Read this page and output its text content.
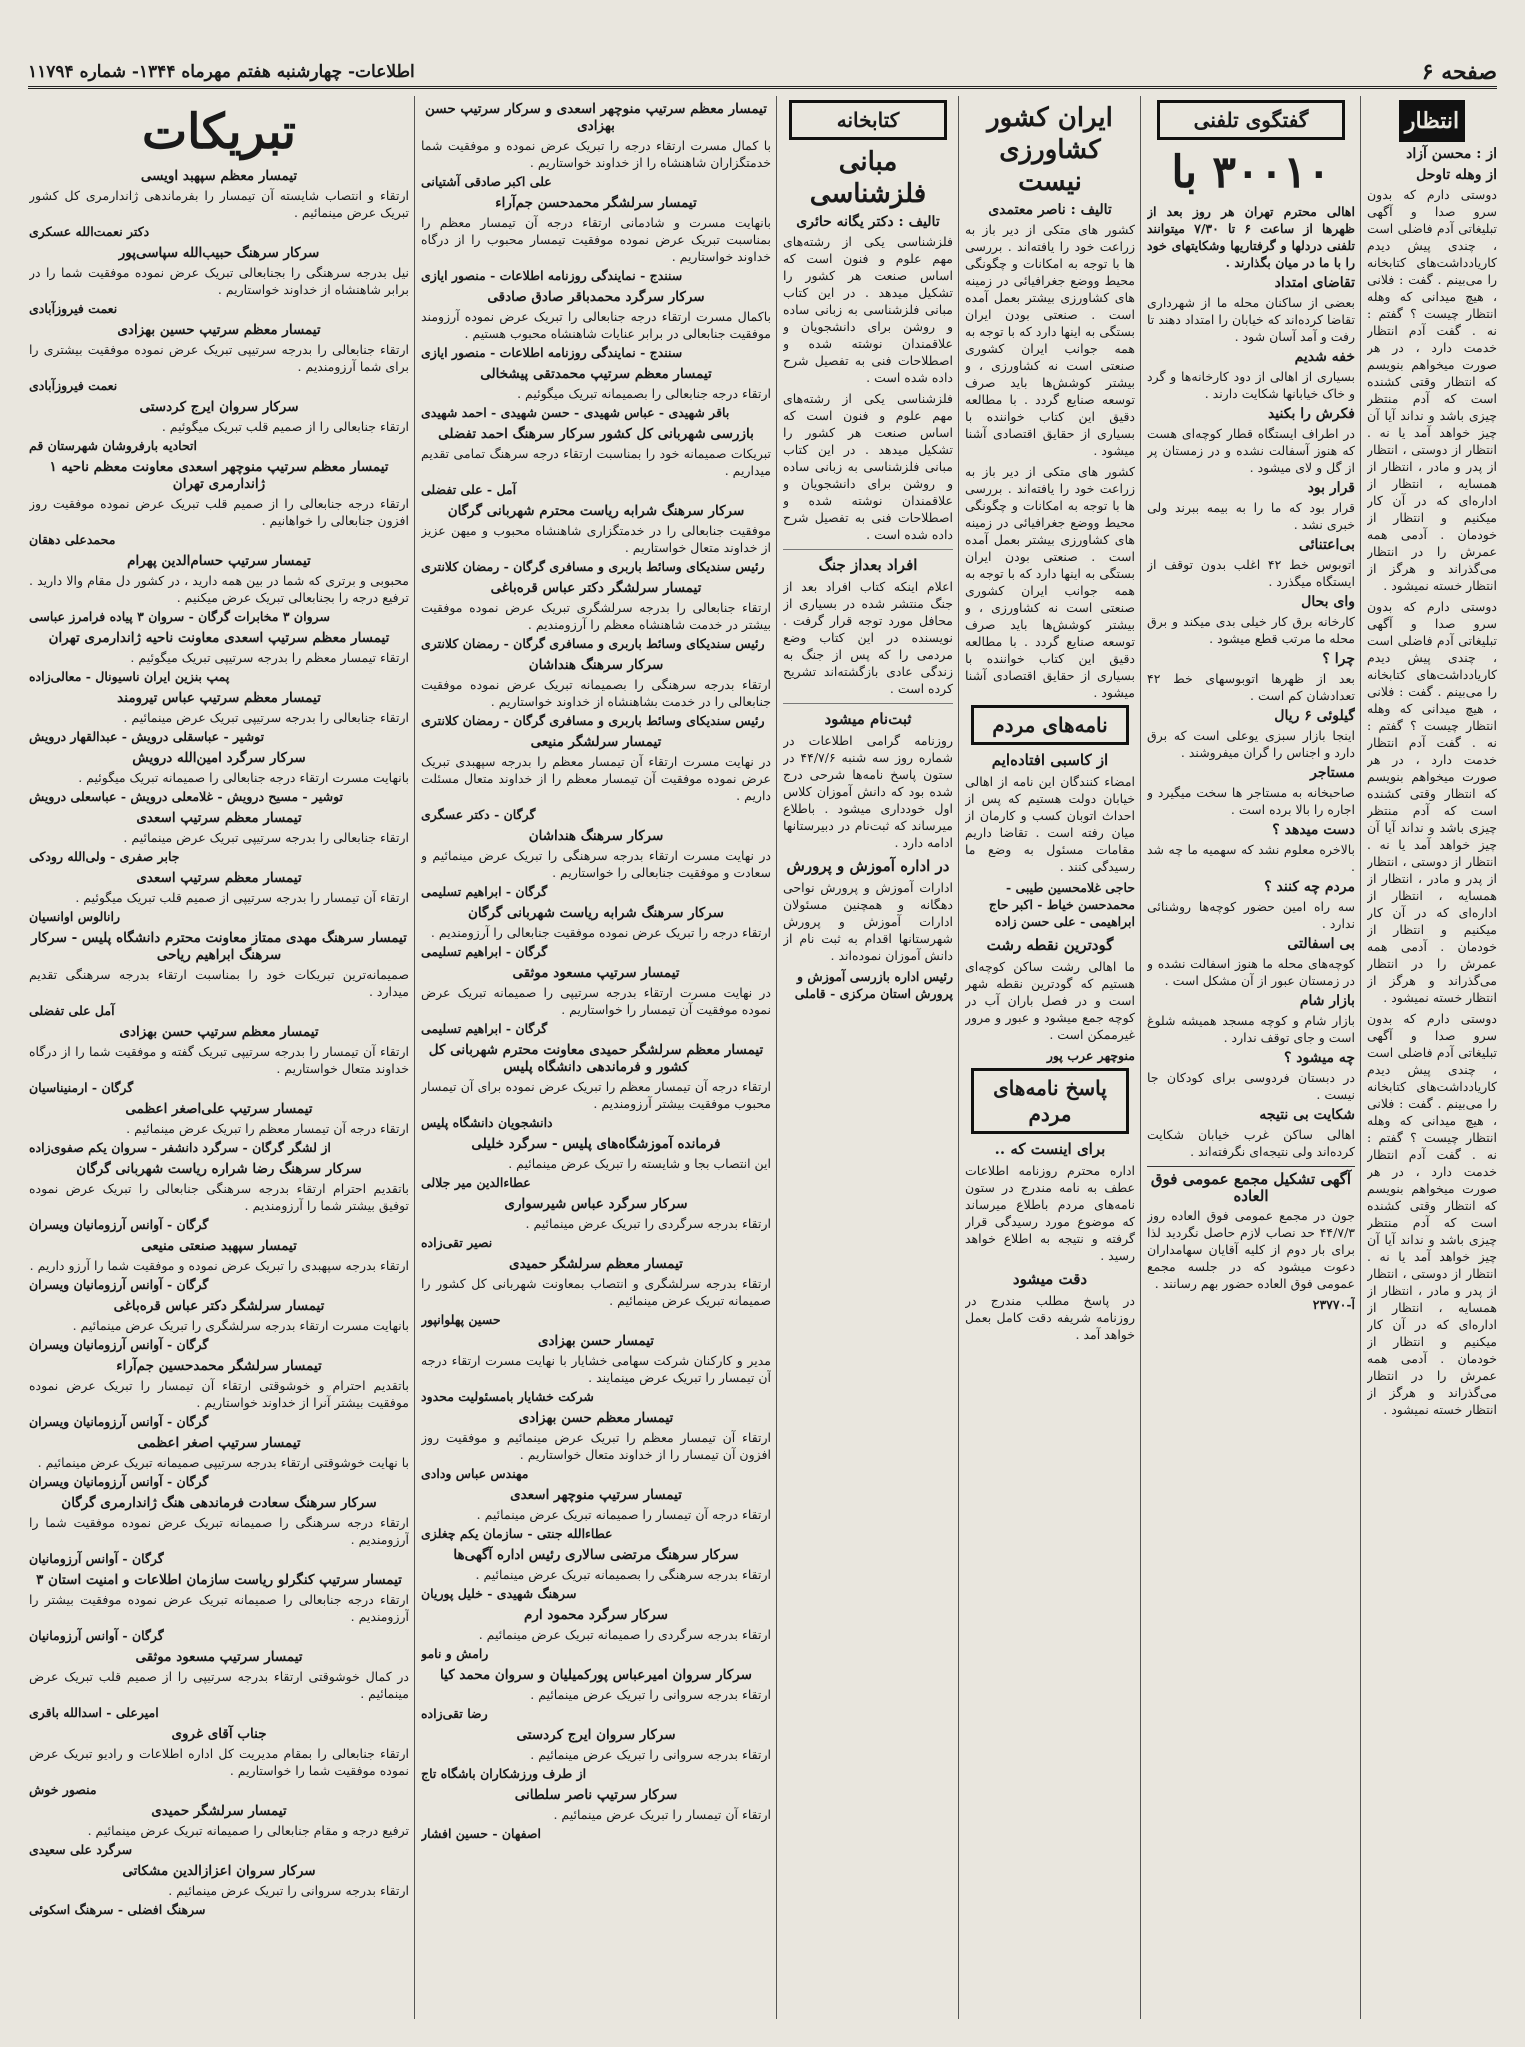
صفحه ۶
اطلاعات- چهارشنبه هفتم مهرماه ۱۳۴۴- شماره ۱۱۷۹۴
انتظار
از : محسن آزاد
از وهله تاوحل

دوستی دارم که بدون سرو صدا و آگهی تبلیغاتی آدم فاضلی است ، چندی پیش دیدم کاریادداشت‌های کتابخانه را می‌بینم . گفت : فلانی ، هیچ میدانی که وهله انتظار چیست ؟ گفتم : نه . گفت آدم انتظار خدمت دارد ، در هر صورت میخواهم بنویسم که انتظار وقتی کشنده است که آدم منتظر چیزی باشد و نداند آیا آن چیز خواهد آمد یا نه . انتظار از دوستی ، انتظار از پدر و مادر ، انتظار از همسایه ، انتظار از اداره‌ای که در آن کار میکنیم و انتظار از خودمان . آدمی همه عمرش را در انتظار می‌گذراند و هرگز از انتظار خسته نمیشود .

دوستی دارم که بدون سرو صدا و آگهی تبلیغاتی آدم فاضلی است ، چندی پیش دیدم کاریادداشت‌های کتابخانه را می‌بینم . گفت : فلانی ، هیچ میدانی که وهله انتظار چیست ؟ گفتم : نه . گفت آدم انتظار خدمت دارد ، در هر صورت میخواهم بنویسم که انتظار وقتی کشنده است که آدم منتظر چیزی باشد و نداند آیا آن چیز خواهد آمد یا نه . انتظار از دوستی ، انتظار از پدر و مادر ، انتظار از همسایه ، انتظار از اداره‌ای که در آن کار میکنیم و انتظار از خودمان . آدمی همه عمرش را در انتظار می‌گذراند و هرگز از انتظار خسته نمیشود .

دوستی دارم که بدون سرو صدا و آگهی تبلیغاتی آدم فاضلی است ، چندی پیش دیدم کاریادداشت‌های کتابخانه را می‌بینم . گفت : فلانی ، هیچ میدانی که وهله انتظار چیست ؟ گفتم : نه . گفت آدم انتظار خدمت دارد ، در هر صورت میخواهم بنویسم که انتظار وقتی کشنده است که آدم منتظر چیزی باشد و نداند آیا آن چیز خواهد آمد یا نه . انتظار از دوستی ، انتظار از پدر و مادر ، انتظار از همسایه ، انتظار از اداره‌ای که در آن کار میکنیم و انتظار از خودمان . آدمی همه عمرش را در انتظار می‌گذراند و هرگز از انتظار خسته نمیشود .

گفتگوی تلفنی
۳۰۰۱۰ با

اهالی محترم تهران هر روز بعد از ظهرها از ساعت ۶ تا ۷/۳۰ میتوانند تلفنی دردلها و گرفتاریها وشکایتهای خود را با ما در میان بگذارند .

تقاضای امتداد

بعضی از ساکنان محله ما از شهرداری تقاضا کرده‌اند که خیابان را امتداد دهند تا رفت و آمد آسان شود .

خفه شدیم

بسیاری از اهالی از دود کارخانه‌ها و گرد و خاک خیابانها شکایت دارند .

فکرش را بکنید

در اطراف ایستگاه قطار کوچه‌ای هست که هنوز آسفالت نشده و در زمستان پر از گل و لای میشود .

قرار بود

قرار بود که ما را به بیمه ببرند ولی خبری نشد .

بی‌اعتنائی

اتوبوس خط ۴۲ اغلب بدون توقف از ایستگاه میگذرد .

وای بحال

کارخانه برق کار خیلی بدی میکند و برق محله ما مرتب قطع میشود .

چرا ؟

بعد از ظهرها اتوبوسهای خط ۴۲ تعدادشان کم است .

گیلوئی ۶ ریال

اینجا بازار سبزی یوعلی است که برق دارد و اجناس را گران میفروشند .

مستاجر

صاحبخانه به مستاجر ها سخت میگیرد و اجاره را بالا برده است .

دست میدهد ؟

بالاخره معلوم نشد که سهمیه ما چه شد .

مردم چه کنند ؟

سه راه امین حضور کوچه‌ها روشنائی ندارد .

بی اسفالتی

کوچه‌های محله ما هنوز اسفالت نشده و در زمستان عبور از آن مشکل است .

بازار شام

بازار شام و کوچه مسجد همیشه شلوغ است و جای توقف ندارد .

چه میشود ؟

در دبستان فردوسی برای کودکان جا نیست .

شکایت بی نتیجه

اهالی ساکن غرب خیابان شکایت کرده‌اند ولی نتیجه‌ای نگرفته‌اند .

آگهی تشکیل مجمع عمومی فوق العاده

جون در مجمع عمومی فوق العاده روز ۴۴/۷/۳ حد نصاب لازم حاصل نگردید لذا برای بار دوم از کلیه آقایان سهامداران دعوت میشود که در جلسه مجمع عمومی فوق العاده حضور بهم رسانند .

آ-۲۳۷۷۰
ایران کشور کشاورزی نیست
تالیف : ناصر معتمدی

کشور های متکی از دیر باز به زراعت خود را یافته‌اند . بررسی ها با توجه به امکانات و چگونگی محیط ووضع جغرافیائی در زمینه های کشاورزی بیشتر بعمل آمده است . صنعتی بودن ایران بستگی به اینها دارد که با توجه به همه جوانب ایران کشوری صنعتی است نه کشاورزی ، و بیشتر کوشش‌ها باید صرف توسعه صنایع گردد . با مطالعه دقیق این کتاب خواننده با بسیاری از حقایق اقتصادی آشنا میشود .

کشور های متکی از دیر باز به زراعت خود را یافته‌اند . بررسی ها با توجه به امکانات و چگونگی محیط ووضع جغرافیائی در زمینه های کشاورزی بیشتر بعمل آمده است . صنعتی بودن ایران بستگی به اینها دارد که با توجه به همه جوانب ایران کشوری صنعتی است نه کشاورزی ، و بیشتر کوشش‌ها باید صرف توسعه صنایع گردد . با مطالعه دقیق این کتاب خواننده با بسیاری از حقایق اقتصادی آشنا میشود .

نامه‌های مردم
از کاسبی افتاده‌ایم

امضاء کنندگان این نامه از اهالی خیابان دولت هستیم که پس از احداث اتوبان کسب و کارمان از میان رفته است . تقاضا داریم مقامات مسئول به وضع ما رسیدگی کنند .

حاجی غلامحسین طیبی - محمدحسن خیاط - اکبر حاج ابراهیمی - علی حسن زاده
گودترین نقطه رشت

ما اهالی رشت ساکن کوچه‌ای هستیم که گودترین نقطه شهر است و در فصل باران آب در کوچه جمع میشود و عبور و مرور غیرممکن است .

منوچهر عرب پور
پاسخ نامه‌های مردم
برای اینست که ..

اداره محترم روزنامه اطلاعات عطف به نامه مندرج در ستون نامه‌های مردم باطلاع میرساند که موضوع مورد رسیدگی قرار گرفته و نتیجه به اطلاع خواهد رسید .

دقت میشود

در پاسخ مطلب مندرج در روزنامه شریفه دقت کامل بعمل خواهد آمد .

کتابخانه
مبانی فلزشناسی
تالیف : دکتر یگانه حائری

فلزشناسی یکی از رشته‌های مهم علوم و فنون است که اساس صنعت هر کشور را تشکیل میدهد . در این کتاب مبانی فلزشناسی به زبانی ساده و روشن برای دانشجویان و علاقمندان نوشته شده و اصطلاحات فنی به تفصیل شرح داده شده است .

فلزشناسی یکی از رشته‌های مهم علوم و فنون است که اساس صنعت هر کشور را تشکیل میدهد . در این کتاب مبانی فلزشناسی به زبانی ساده و روشن برای دانشجویان و علاقمندان نوشته شده و اصطلاحات فنی به تفصیل شرح داده شده است .

افراد بعداز جنگ

اعلام اینکه کتاب افراد بعد از جنگ منتشر شده در بسیاری از محافل مورد توجه قرار گرفت . نویسنده در این کتاب وضع مردمی را که پس از جنگ به زندگی عادی بازگشته‌اند تشریح کرده است .

ثبت‌نام میشود

روزنامه گرامی اطلاعات در شماره روز سه شنبه ۴۴/۷/۶ در ستون پاسخ نامه‌ها شرحی درج شده بود که دانش آموزان کلاس اول خودداری میشود . باطلاع میرساند که ثبت‌نام در دبیرستانها ادامه دارد .

در اداره آموزش و پرورش

ادارات آموزش و پرورش نواحی دهگانه و همچنین مسئولان ادارات آموزش و پرورش شهرستانها اقدام به ثبت نام از دانش آموزان نموده‌اند .

رئیس اداره بازرسی آموزش و پرورش استان مرکزی - قاملی
تیمسار معظم سرتیپ منوچهر اسعدی و سرکار سرتیپ حسن بهزادی

با کمال مسرت ارتقاء درجه را تبریک عرض نموده و موفقیت شما خدمتگزاران شاهنشاه را از خداوند خواستاریم .

علی اکبر صادقی آشتیانی
تیمسار سرلشگر محمدحسن جم‌آراء

بانهایت مسرت و شادمانی ارتقاء درجه آن تیمسار معظم را بمناسبت تبریک عرض نموده موفقیت تیمسار محبوب را از درگاه خداوند خواستاریم .

سنندج - نمایندگی روزنامه اطلاعات - منصور ایازی
سرکار سرگرد محمدباقر صادق صادقی

باکمال مسرت ارتقاء درجه جنابعالی را تبریک عرض نموده آرزومند موفقیت جنابعالی در برابر عنایات شاهنشاه محبوب هستیم .

سنندج - نمایندگی روزنامه اطلاعات - منصور ایازی
تیمسار معظم سرتیپ محمدتقی پیشخالی

ارتقاء درجه جنابعالی را بصمیمانه تبریک میگوئیم .

باقر شهیدی - عباس شهیدی - حسن شهیدی - احمد شهیدی
بازرسی شهربانی کل کشور سرکار سرهنگ احمد تفضلی

تبریکات صمیمانه خود را بمناسبت ارتقاء درجه سرهنگ تمامی تقدیم میداریم .

آمل - علی تفضلی
سرکار سرهنگ شرابه ریاست محترم شهربانی گرگان

موفقیت جنابعالی را در خدمتگزاری شاهنشاه محبوب و میهن عزیز از خداوند متعال خواستاریم .

رئیس سندیکای وسائط باربری و مسافری گرگان - رمضان کلانتری
تیمسار سرلشگر دکتر عباس قره‌باغی

ارتقاء جنابعالی را بدرجه سرلشگری تبریک عرض نموده موفقیت بیشتر در خدمت شاهنشاه معظم را آرزومندیم .

رئیس سندیکای وسائط باربری و مسافری گرگان - رمضان کلانتری
سرکار سرهنگ هنداشان

ارتقاء بدرجه سرهنگی را بصمیمانه تبریک عرض نموده موفقیت جنابعالی را در خدمت بشاهنشاه از خداوند خواستاریم .

رئیس سندیکای وسائط باربری و مسافری گرگان - رمضان کلانتری
تیمسار سرلشگر منیعی

در نهایت مسرت ارتقاء آن تیمسار معظم را بدرجه سپهبدی تبریک عرض نموده موفقیت آن تیمسار معظم را از خداوند متعال مسئلت داریم .

گرگان - دکتر عسگری
سرکار سرهنگ هنداشان

در نهایت مسرت ارتقاء بدرجه سرهنگی را تبریک عرض مینمائیم و سعادت و موفقیت جنابعالی را خواستاریم .

گرگان - ابراهیم تسلیمی
سرکار سرهنگ شرابه ریاست شهربانی گرگان

ارتقاء درجه را تبریک عرض نموده موفقیت جنابعالی را آرزومندیم .

گرگان - ابراهیم تسلیمی
تیمسار سرتیپ مسعود موثقی

در نهایت مسرت ارتقاء بدرجه سرتیپی را صمیمانه تبریک عرض نموده موفقیت آن تیمسار را خواستاریم .

گرگان - ابراهیم تسلیمی
تیمسار معظم سرلشگر حمیدی معاونت محترم شهربانی کل کشور و فرماندهی دانشگاه پلیس

ارتقاء درجه آن تیمسار معظم را تبریک عرض نموده برای آن تیمسار محبوب موفقیت بیشتر آرزومندیم .

دانشجویان دانشگاه پلیس
فرمانده آموزشگاه‌های پلیس - سرگرد خلیلی

این انتصاب بجا و شایسته را تبریک عرض مینمائیم .

عطاءالدین میر جلالی
سرکار سرگرد عباس شیرسواری

ارتقاء بدرجه سرگردی را تبریک عرض مینمائیم .

نصیر تقی‌زاده
تیمسار معظم سرلشگر حمیدی

ارتقاء بدرجه سرلشگری و انتصاب بمعاونت شهربانی کل کشور را صمیمانه تبریک عرض مینمائیم .

حسین پهلوانپور
تیمسار حسن بهزادی

مدیر و کارکنان شرکت سهامی خشایار با نهایت مسرت ارتقاء درجه آن تیمسار را تبریک عرض مینمایند .

شرکت خشایار بامسئولیت محدود
تیمسار معظم حسن بهزادی

ارتقاء آن تیمسار معظم را تبریک عرض مینمائیم و موفقیت روز افزون آن تیمسار را از خداوند متعال خواستاریم .

مهندس عباس ودادی
تیمسار سرتیپ منوچهر اسعدی

ارتقاء درجه آن تیمسار را صمیمانه تبریک عرض مینمائیم .

عطاءالله جنتی - سازمان یکم چغلزی
سرکار سرهنگ مرتضی سالاری رئیس اداره آگهی‌ها

ارتقاء بدرجه سرهنگی را بصمیمانه تبریک عرض مینمائیم .

سرهنگ شهیدی - خلیل پوریان
سرکار سرگرد محمود ارم

ارتقاء بدرجه سرگردی را صمیمانه تبریک عرض مینمائیم .

رامش و نامو
سرکار سروان امیرعباس پورکمیلیان و سروان محمد کیا

ارتقاء بدرجه سروانی را تبریک عرض مینمائیم .

رضا تقی‌زاده
سرکار سروان ایرج کردستی

ارتقاء بدرجه سروانی را تبریک عرض مینمائیم .

از طرف ورزشکاران باشگاه تاج
سرکار سرتیپ ناصر سلطانی

ارتقاء آن تیمسار را تبریک عرض مینمائیم .

اصفهان - حسین افشار
تبریکات
تیمسار معظم سپهبد اویسی

ارتقاء و انتصاب شایسته آن تیمسار را بفرماندهی ژاندارمری کل کشور تبریک عرض مینمائیم .

دکتر نعمت‌الله عسکری
سرکار سرهنگ حبیب‌الله سپاسی‌پور

نیل بدرجه سرهنگی را بجنابعالی تبریک عرض نموده موفقیت شما را در برابر شاهنشاه از خداوند خواستاریم .

نعمت فیروزآبادی
تیمسار معظم سرتیپ حسین بهزادی

ارتقاء جنابعالی را بدرجه سرتیپی تبریک عرض نموده موفقیت بیشتری را برای شما آرزومندیم .

نعمت فیروزآبادی
سرکار سروان ایرج کردستی

ارتقاء جنابعالی را از صمیم قلب تبریک میگوئیم .

اتحادیه بارفروشان شهرستان قم
تیمسار معظم سرتیپ منوچهر اسعدی معاونت معظم ناحیه ۱ ژاندارمری تهران

ارتقاء درجه جنابعالی را از صمیم قلب تبریک عرض نموده موفقیت روز افزون جنابعالی را خواهانیم .

محمدعلی دهقان
تیمسار سرتیپ حسام‌الدین پهرام

محبوبی و برتری که شما در بین همه دارید ، در کشور دل مقام والا دارید . ترفیع درجه را بجنابعالی تبریک عرض میکنیم .

سروان ۳ مخابرات گرگان - سروان ۳ پیاده فرامرز عباسی
تیمسار معظم سرتیپ اسعدی معاونت ناحیه ژاندارمری تهران

ارتقاء تیمسار معظم را بدرجه سرتیپی تبریک میگوئیم .

پمپ بنزین ایران ناسیونال - معالی‌زاده
تیمسار معظم سرتیپ عباس تیرومند

ارتقاء جنابعالی را بدرجه سرتیپی تبریک عرض مینمائیم .

توشیر - عباسقلی درویش - عبدالقهار درویش
سرکار سرگرد امین‌الله درویش

بانهایت مسرت ارتقاء درجه جنابعالی را صمیمانه تبریک میگوئیم .

توشیر - مسیح درویش - غلامعلی درویش - عباسعلی درویش
تیمسار معظم سرتیپ اسعدی

ارتقاء جنابعالی را بدرجه سرتیپی تبریک عرض مینمائیم .

جابر صفری - ولی‌الله رودکی
تیمسار معظم سرتیپ اسعدی

ارتقاء آن تیمسار را بدرجه سرتیپی از صمیم قلب تبریک میگوئیم .

رانالوس اوانسیان
تیمسار سرهنگ مهدی ممتاز معاونت محترم دانشگاه پلیس - سرکار سرهنگ ابراهیم ریاحی

صمیمانه‌ترین تبریکات خود را بمناسبت ارتقاء بدرجه سرهنگی تقدیم میدارد .

آمل علی تفضلی
تیمسار معظم سرتیپ حسن بهزادی

ارتقاء آن تیمسار را بدرجه سرتیپی تبریک گفته و موفقیت شما را از درگاه خداوند متعال خواستاریم .

گرگان - ارمنیناسیان
تیمسار سرتیپ علی‌اصغر اعظمی

ارتقاء درجه آن تیمسار معظم را تبریک عرض مینمائیم .

از لشگر گرگان - سرگرد دانشفر - سروان یکم صفوی‌زاده
سرکار سرهنگ رضا شراره ریاست شهربانی گرگان

باتقدیم احترام ارتقاء بدرجه سرهنگی جنابعالی را تبریک عرض نموده توفیق بیشتر شما را آرزومندیم .

گرگان - آوانس آرزومانیان ویسران
تیمسار سپهبد صنعتی منیعی

ارتقاء بدرجه سپهبدی را تبریک عرض نموده و موفقیت شما را آرزو داریم .

گرگان - آوانس آرزومانیان ویسران
تیمسار سرلشگر دکتر عباس قره‌باغی

بانهایت مسرت ارتقاء بدرجه سرلشگری را تبریک عرض مینمائیم .

گرگان - آوانس آرزومانیان ویسران
تیمسار سرلشگر محمدحسین جم‌آراء

باتقدیم احترام و خوشوقتی ارتقاء آن تیمسار را تبریک عرض نموده موفقیت بیشتر آنرا از خداوند خواستاریم .

گرگان - آوانس آرزومانیان ویسران
تیمسار سرتیپ اصغر اعظمی

با نهایت خوشوقتی ارتقاء بدرجه سرتیپی صمیمانه تبریک عرض مینمائیم .

گرگان - آوانس آرزومانیان ویسران
سرکار سرهنگ سعادت فرماندهی هنگ ژاندارمری گرگان

ارتقاء درجه سرهنگی را صمیمانه تبریک عرض نموده موفقیت شما را آرزومندیم .

گرگان - آوانس آرزومانیان
تیمسار سرتیپ کنگرلو ریاست سازمان اطلاعات و امنیت استان ۳

ارتقاء درجه جنابعالی را صمیمانه تبریک عرض نموده موفقیت بیشتر را آرزومندیم .

گرگان - آوانس آرزومانیان
تیمسار سرتیپ مسعود موثقی

در کمال خوشوقتی ارتقاء بدرجه سرتیپی را از صمیم قلب تبریک عرض مینمائیم .

امیرعلی - اسدالله باقری
جناب آقای غروی

ارتقاء جنابعالی را بمقام مدیریت کل اداره اطلاعات و رادیو تبریک عرض نموده موفقیت شما را خواستاریم .

منصور خوش
تیمسار سرلشگر حمیدی

ترفیع درجه و مقام جنابعالی را صمیمانه تبریک عرض مینمائیم .

سرگرد علی سعیدی
سرکار سروان اعزازالدین مشکاتی

ارتقاء بدرجه سروانی را تبریک عرض مینمائیم .

سرهنگ افضلی - سرهنگ اسکوئی
